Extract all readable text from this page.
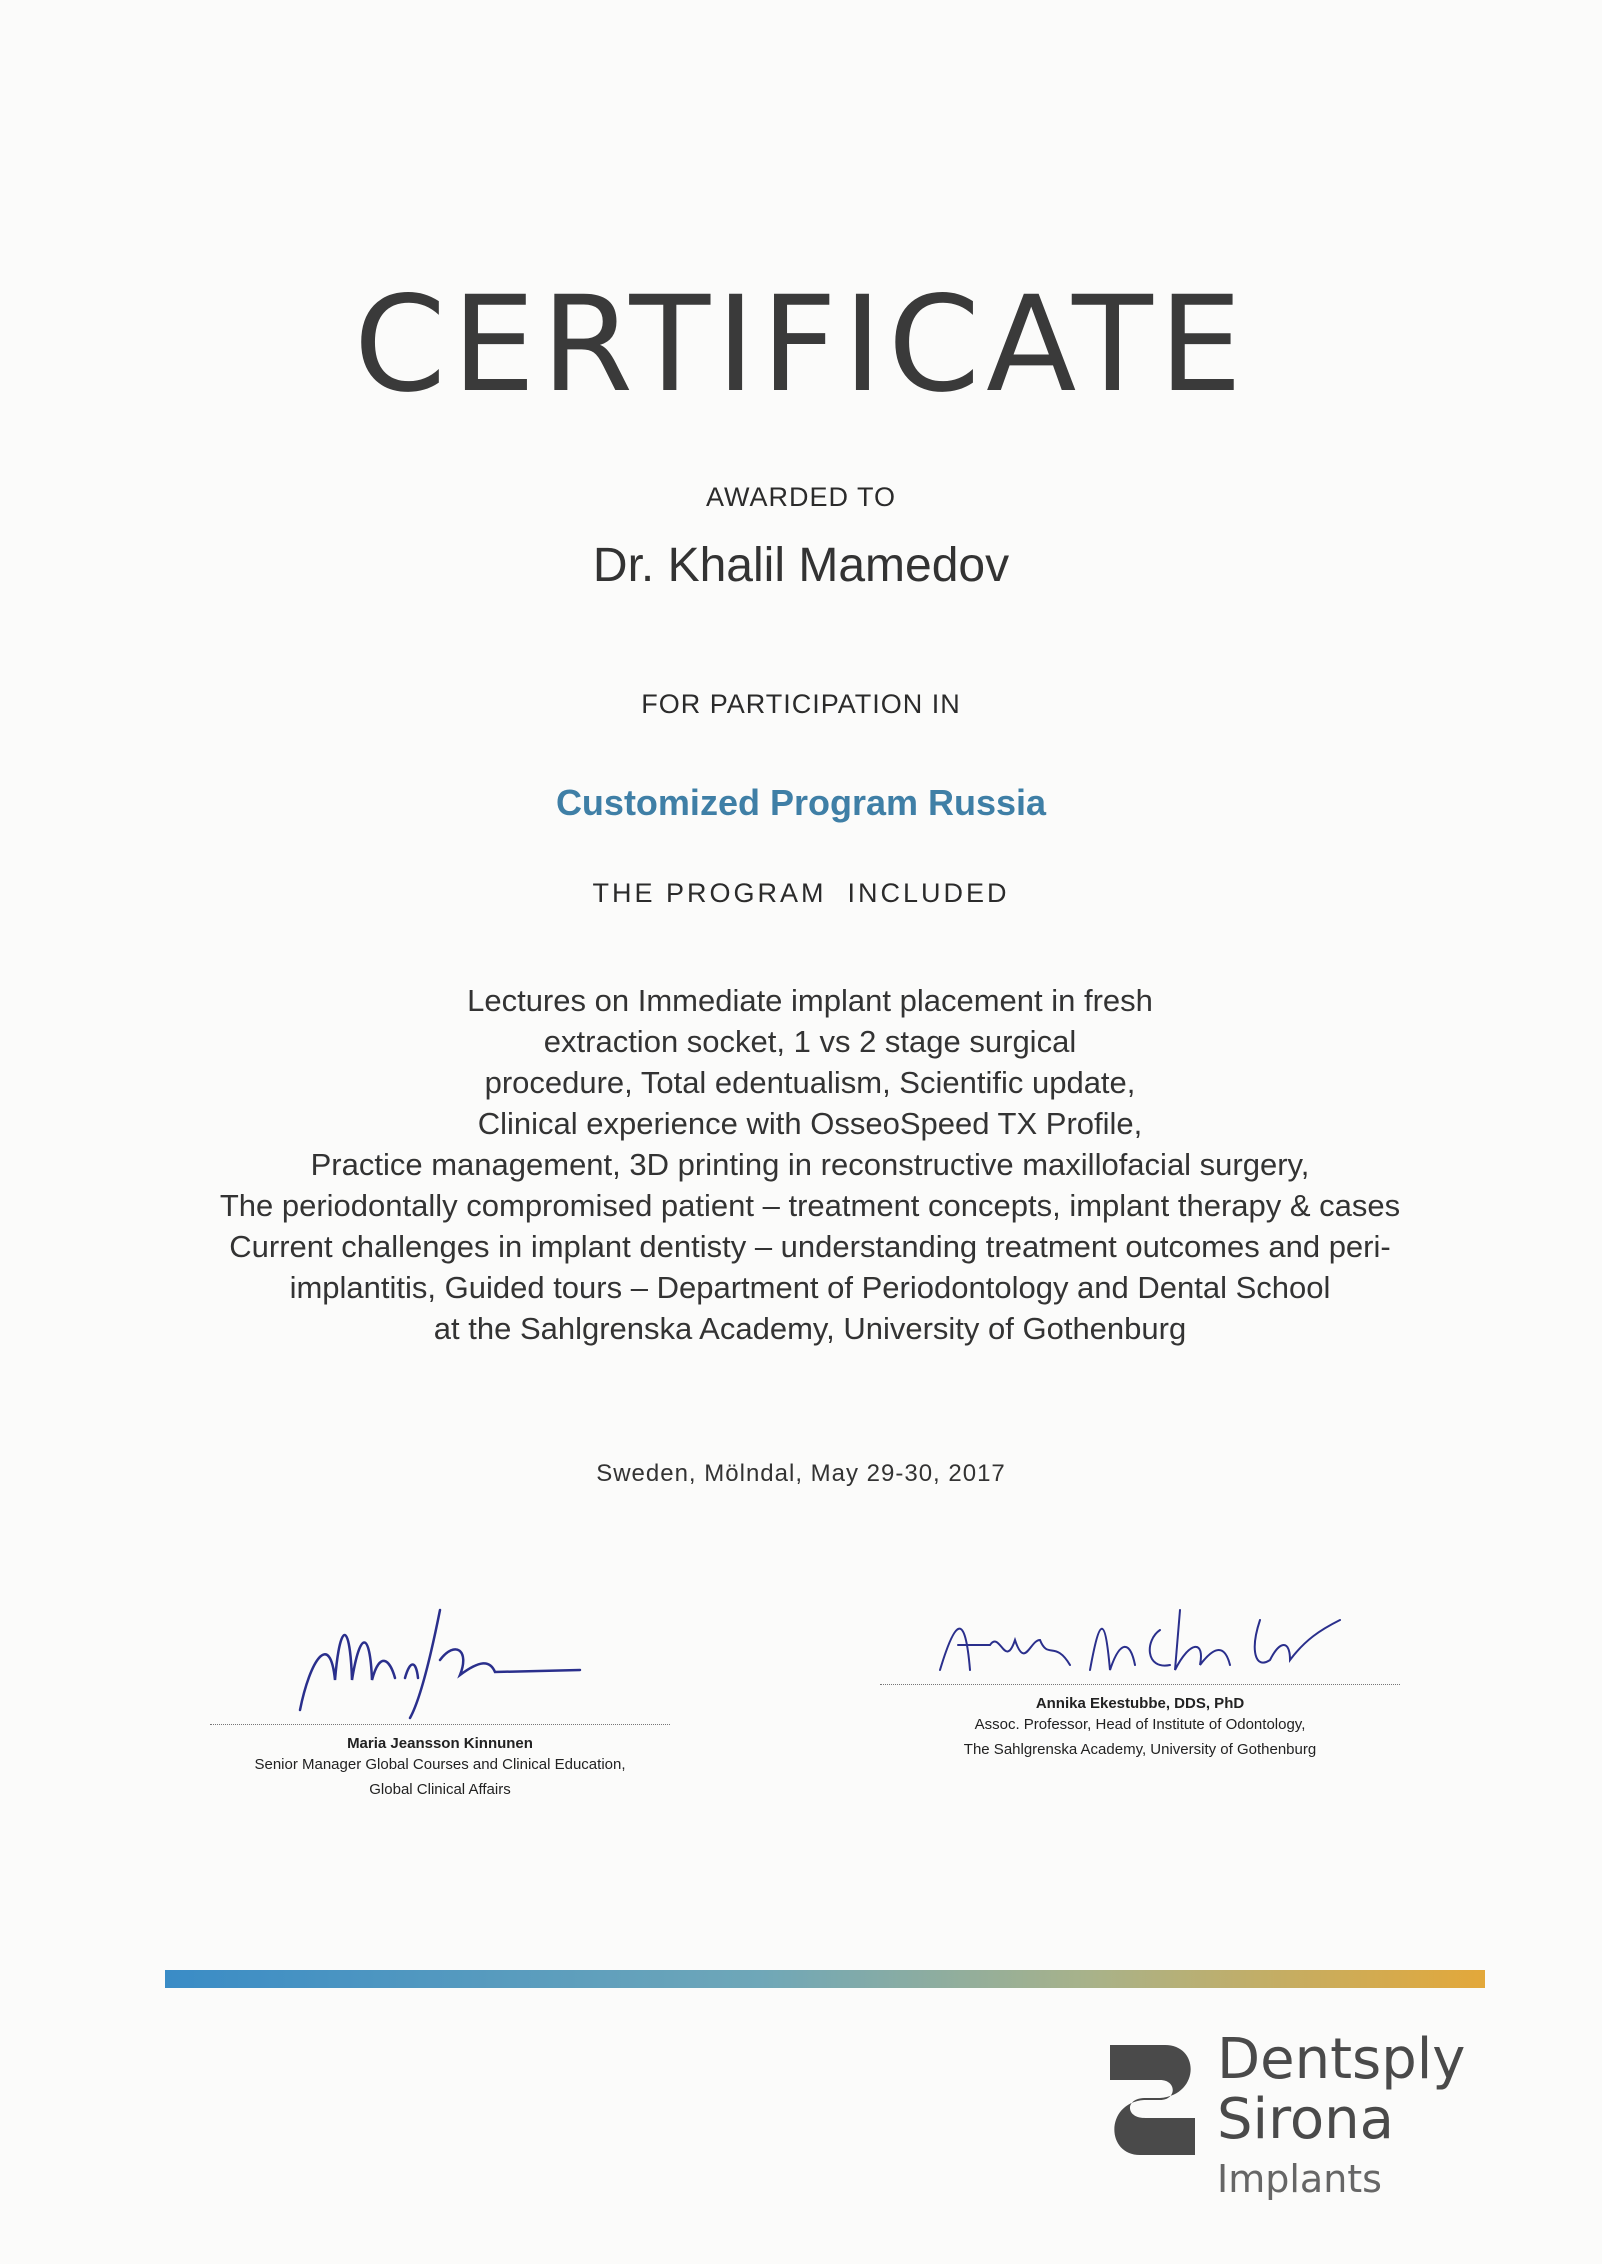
CERTIFICATE
AWARDED TO
Dr. Khalil Mamedov
FOR PARTICIPATION IN
Customized Program Russia
THE PROGRAM  INCLUDED
Lectures on Immediate implant placement in fresh
extraction socket, 1 vs 2 stage surgical
procedure, Total edentualism, Scientific update,
Clinical experience with OsseoSpeed TX Profile,
Practice management, 3D printing in reconstructive maxillofacial surgery,
The periodontally compromised patient – treatment concepts, implant therapy & cases
Current challenges in implant dentisty – understanding treatment outcomes and peri-
implantitis, Guided tours – Department of Periodontology and Dental School
at the Sahlgrenska Academy, University of Gothenburg
Sweden, Mölndal, May 29-30, 2017
Maria Jeansson Kinnunen
Senior Manager Global Courses and Clinical Education,
Global Clinical Affairs
Annika Ekestubbe, DDS, PhD
Assoc. Professor, Head of Institute of Odontology,
The Sahlgrenska Academy, University of Gothenburg
Dentsply
Sirona
Implants
